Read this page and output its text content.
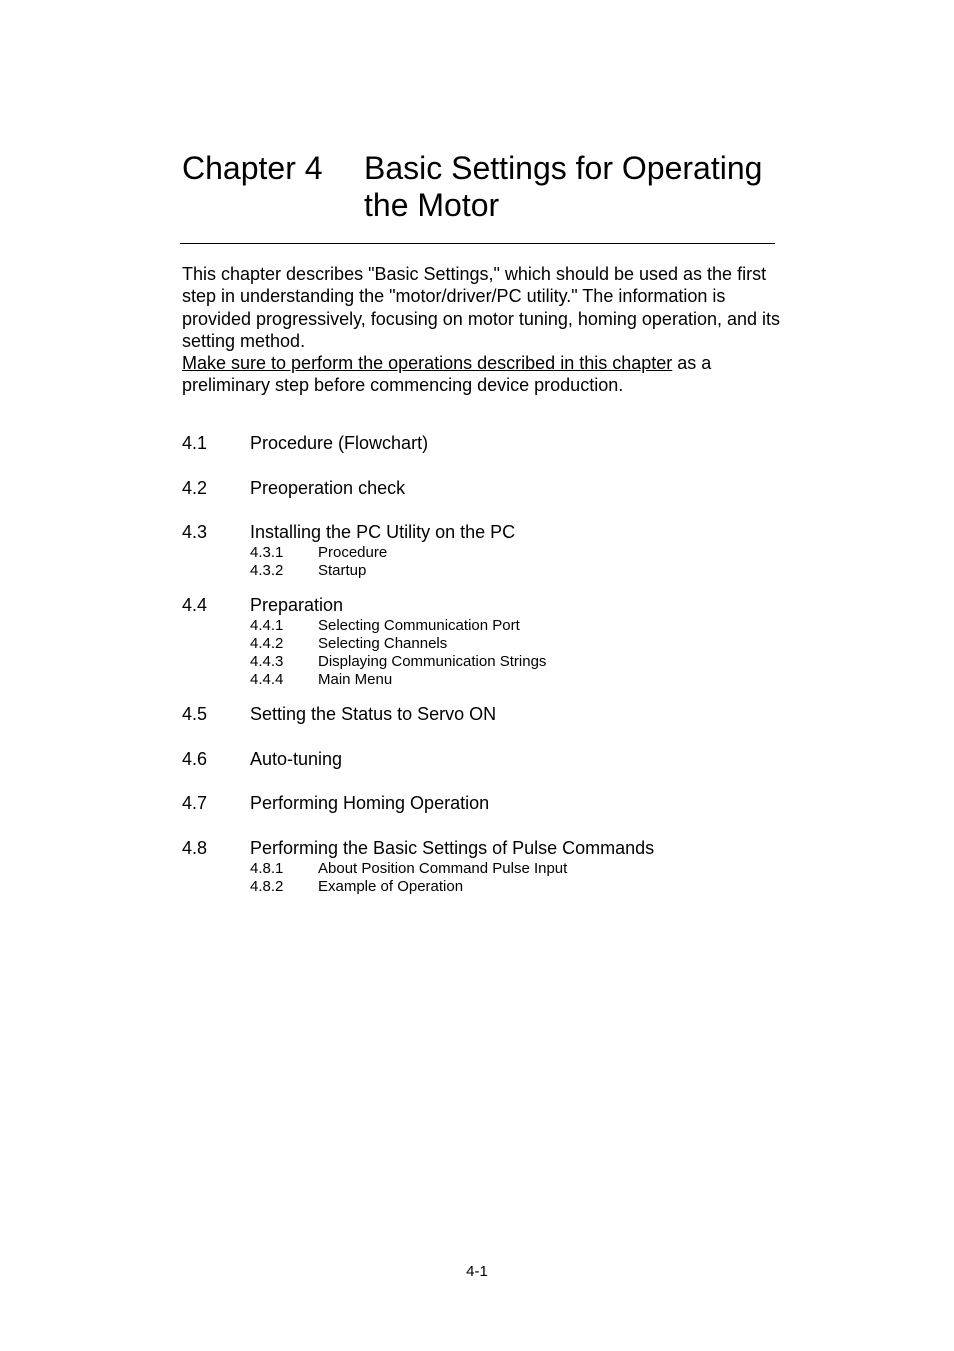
Chapter 4 Basic Settings for Operating the Motor

This chapter describes "Basic Settings," which should be used as the first step in understanding the "motor/driver/PC utility." The information is provided progressively, focusing on motor tuning, homing operation, and its setting method.

Make sure to perform the operations described in this chapter as a preliminary step before commencing device production.

4.1 Procedure (Flowchart)
4.2 Preoperation check
4.3 Installing the PC Utility on the PC
4.3.1 Procedure
4.3.2 Startup
4.4 Preparation
4.4.1 Selecting Communication Port
4.4.2 Selecting Channels
4.4.3 Displaying Communication Strings
4.4.4 Main Menu
4.5 Setting the Status to Servo ON
4.6 Auto-tuning
4.7 Performing Homing Operation
4.8 Performing the Basic Settings of Pulse Commands
4.8.1 About Position Command Pulse Input
4.8.2 Example of Operation
4-1
